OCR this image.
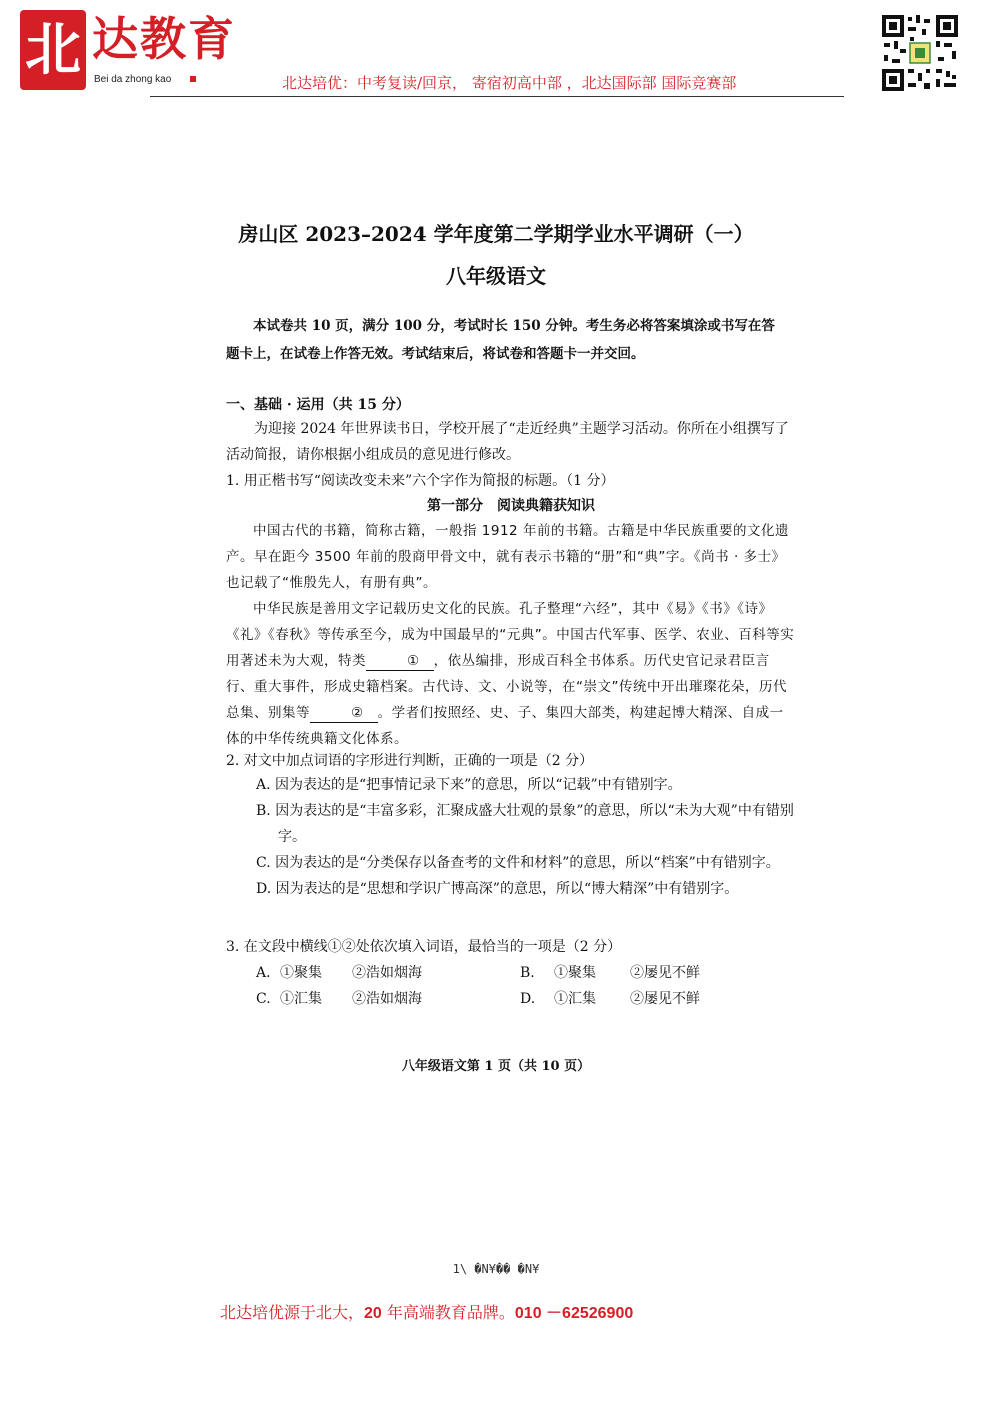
北 达教育
Bei da zhong kao	北达培优：中考复读/回京， 寄宿初高中部 ，北达国际部 国际竞赛部
房山区 2023–2024 学年度第二学期学业水平调研（一）
八年级语文
本试卷共 10 页，满分 100 分，考试时长 150 分钟。考生务必将答案填涂或书写在答
题卡上，在试卷上作答无效。考试结束后，将试卷和答题卡一并交回。
一、基础 · 运用（共 15 分）
为迎接 2024 年世界读书日，学校开展了“走近经典”主题学习活动。你所在小组撰写了活动简报，请你根据小组成员的意见进行修改。
1. 用正楷书写“阅读改变未来”六个字作为简报的标题。（1 分）
第一部分　阅读典籍获知识
中国古代的书籍，简称古籍，一般指 1912 年前的书籍。古籍是中华民族重要的文化遗产。早在距今 3500 年前的殷商甲骨文中，就有表示书籍的“册”和“典”字。《尚书 · 多士》也记载了“惟殷先人，有册有典”。
中华民族是善用文字记载历史文化的民族。孔子整理“六经”，其中《易》《书》《诗》《礼》《春秋》等传承至今，成为中国最早的“元典”。中国古代军事、医学、农业、百科等实用著述未为大观，特类	① ，依丛编排，形成百科全书体系。历代史官记录君臣言行、重大事件，形成史籍档案。古代诗、文、小说等，在“崇文”传统中开出璀璨花朵，历代总集、别集等	② 。学者们按照经、史、子、集四大部类，构建起博大精深、自成一体的中华传统典籍文化体系。
2. 对文中加点词语的字形进行判断，正确的一项是（2 分）
A. 因为表达的是“把事情记录下来”的意思，所以“记载”中有错别字。
B. 因为表达的是“丰富多彩，汇聚成盛大壮观的景象”的意思，所以“未为大观”中有错别字。
C. 因为表达的是“分类保存以备查考的文件和材料”的意思，所以“档案”中有错别字。
D. 因为表达的是“思想和学识广博高深”的意思，所以“博大精深”中有错别字。
3. 在文段中横线①②处依次填入词语，最恰当的一项是（2 分）
A. ①聚集	②浩如烟海	B.	①聚集	②屡见不鲜
C. ①汇集	②浩如烟海	D.	①汇集	②屡见不鲜
八年级语文第 1 页（共 10 页）
1\ �N¥�� �N¥
北达培优源于北大，20 年高端教育品牌。010 －62526900
